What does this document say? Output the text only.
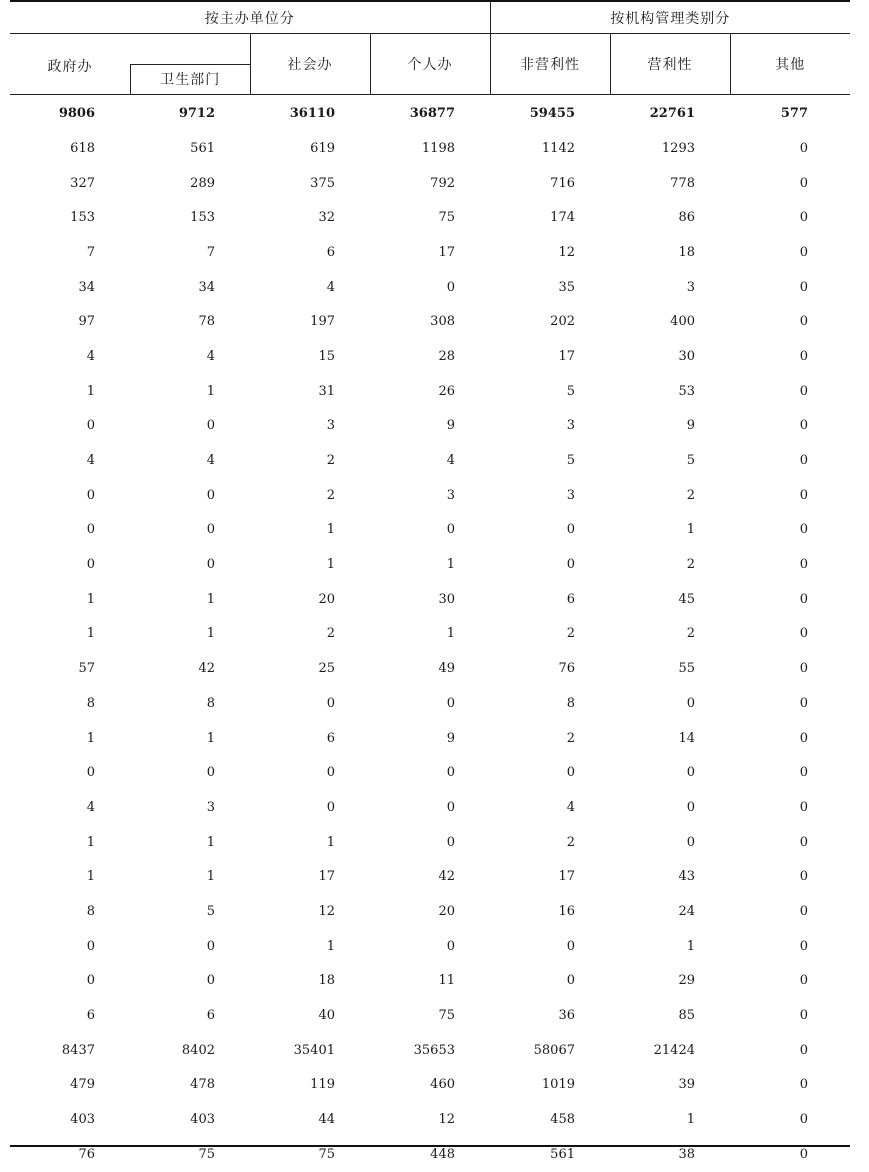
按主办单位分				按机构管理类别分		

政府办	卫生部门	社会办	个人办	非营利性	营利性	其他
9806	9712	36110	36877	59455	22761	577
618	561	619	1198	1142	1293	0
327	289	375	792	716	778	0
153	153	32	75	174	86	0
7	7	6	17	12	18	0
34	34	4	0	35	3	0
97	78	197	308	202	400	0
4	4	15	28	17	30	0
1	1	31	26	5	53	0
0	0	3	9	3	9	0
4	4	2	4	5	5	0
0	0	2	3	3	2	0
0	0	1	0	0	1	0
0	0	1	1	0	2	0
1	1	20	30	6	45	0
1	1	2	1	2	2	0
57	42	25	49	76	55	0
8	8	0	0	8	0	0
1	1	6	9	2	14	0
0	0	0	0	0	0	0
4	3	0	0	4	0	0
1	1	1	0	2	0	0
1	1	17	42	17	43	0
8	5	12	20	16	24	0
0	0	1	0	0	1	0
0	0	18	11	0	29	0
6	6	40	75	36	85	0
8437	8402	35401	35653	58067	21424	0
479	478	119	460	1019	39	0
403	403	44	12	458	1	0
76	75	75	448	561	38	0
